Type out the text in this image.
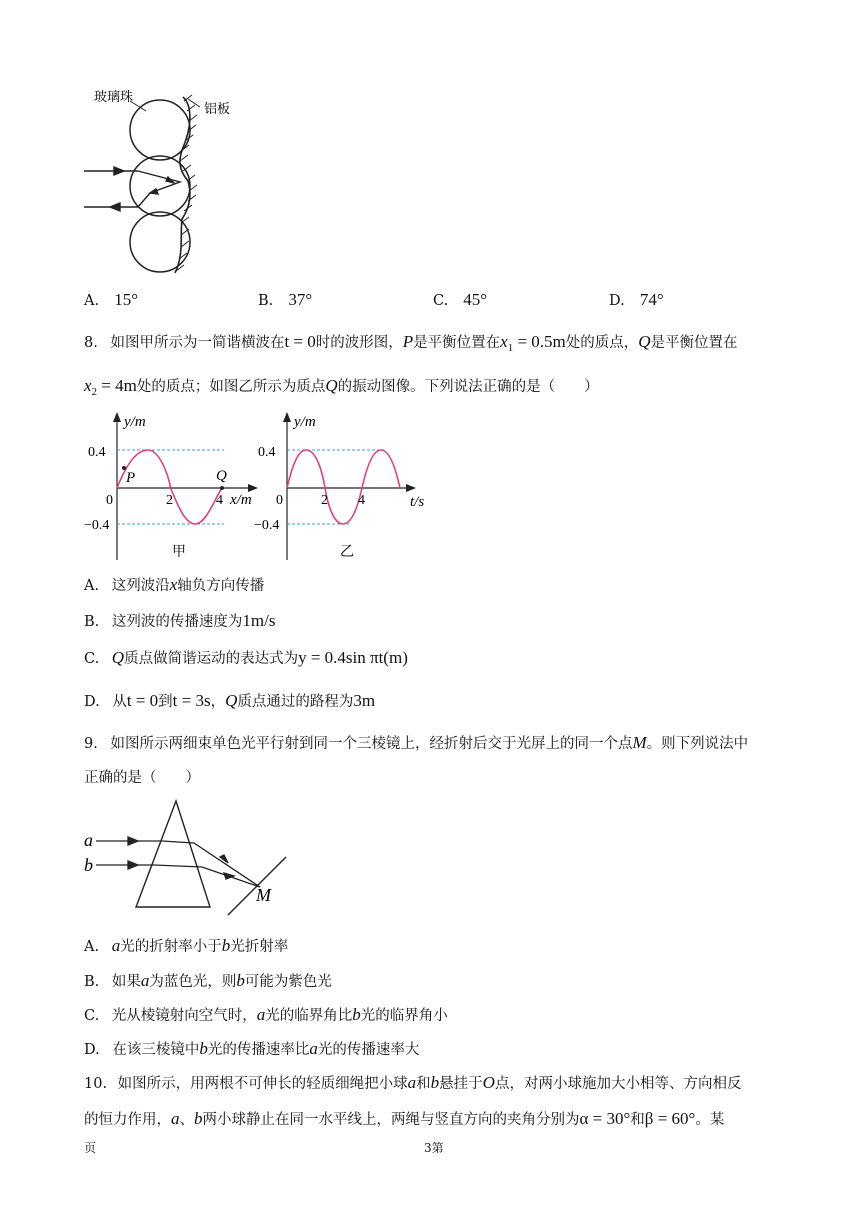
玻璃珠
铝板
A. 15°	B. 37°	C. 45°	D. 74°
8. 如图甲所示为一简谐横波在t = 0时的波形图，P是平衡位置在$x_1 = 0.5m$处的质点，Q是平衡位置在
$x_2 = 4m$处的质点；如图乙所示为质点Q的振动图像。下列说法正确的是（　　）
y/m
0.4
−0.4
0	2	4 x/m
P	Q
甲
y/m
0.4
−0.4
0	2 4	t/s
乙
A. 这列波沿x轴负方向传播
B. 这列波的传播速度为1m/s
C. Q质点做简谐运动的表达式为y = 0.4sin πt(m)
D. 从t = 0到t = 3s，Q质点通过的路程为3m
9. 如图所示两细束单色光平行射到同一个三棱镜上，经折射后交于光屏上的同一个点M。则下列说法中
正确的是（　　）
a
b
M
A. a光的折射率小于b光折射率
B. 如果a为蓝色光，则b可能为紫色光
C. 光从棱镜射向空气时，a光的临界角比b光的临界角小
D. 在该三棱镜中b光的传播速率比a光的传播速率大
10. 如图所示，用两根不可伸长的轻质细绳把小球a和b悬挂于O点，对两小球施加大小相等、方向相反
的恒力作用，a、b两小球静止在同一水平线上，两绳与竖直方向的夹角分别为α = 30°和β = 60°。某
页	3第
